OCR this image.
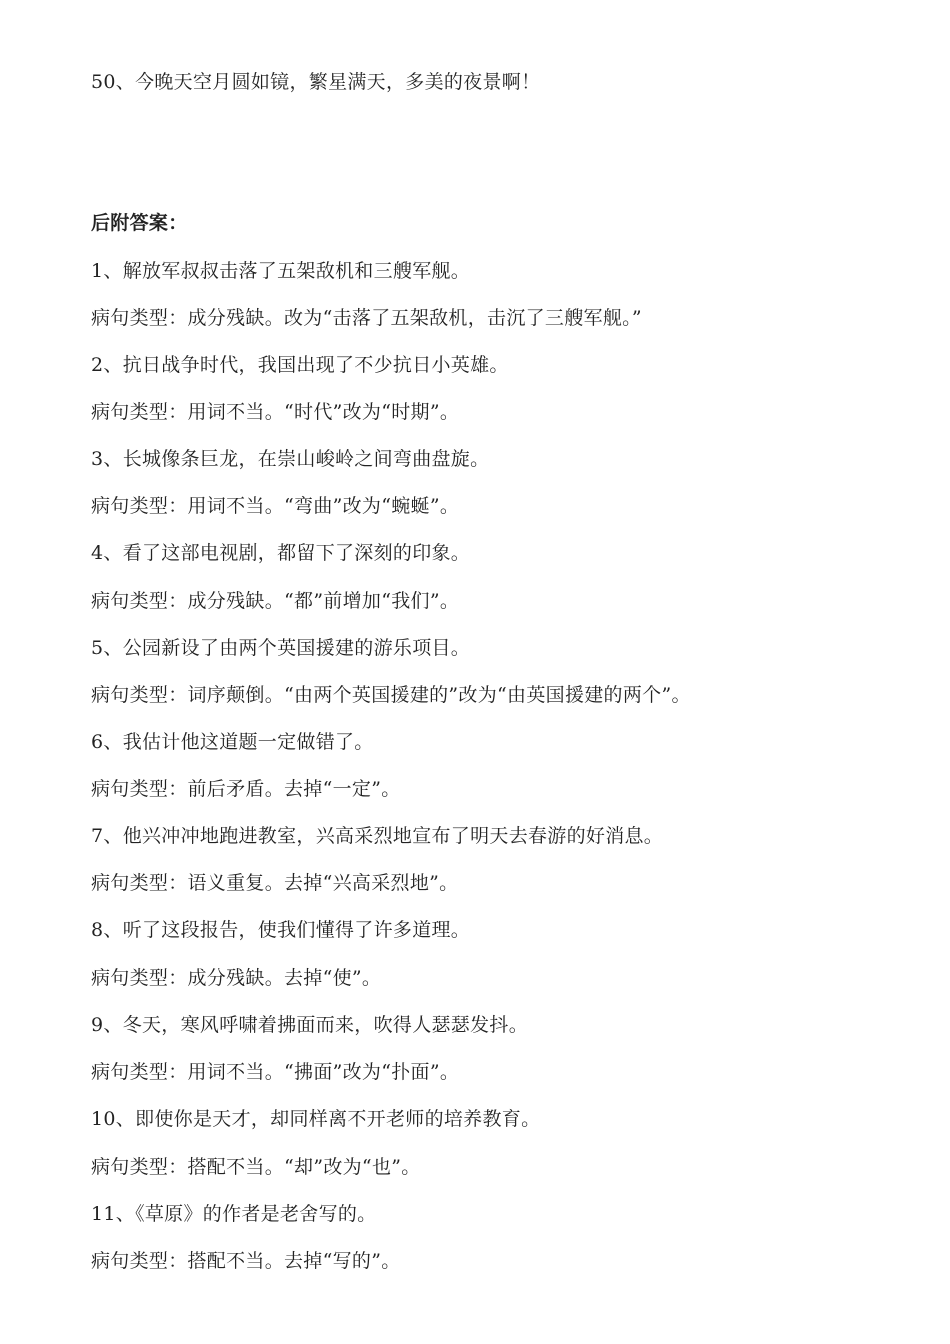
50、今晚天空月圆如镜，繁星满天，多美的夜景啊！
后附答案：
1、解放军叔叔击落了五架敌机和三艘军舰。
病句类型：成分残缺。改为“击落了五架敌机，击沉了三艘军舰。”
2、抗日战争时代，我国出现了不少抗日小英雄。
病句类型：用词不当。“时代”改为“时期”。
3、长城像条巨龙，在崇山峻岭之间弯曲盘旋。
病句类型：用词不当。“弯曲”改为“蜿蜒”。
4、看了这部电视剧，都留下了深刻的印象。
病句类型：成分残缺。“都”前增加“我们”。
5、公园新设了由两个英国援建的游乐项目。
病句类型：词序颠倒。“由两个英国援建的”改为“由英国援建的两个”。
6、我估计他这道题一定做错了。
病句类型：前后矛盾。去掉“一定”。
7、他兴冲冲地跑进教室，兴高采烈地宣布了明天去春游的好消息。
病句类型：语义重复。去掉“兴高采烈地”。
8、听了这段报告，使我们懂得了许多道理。
病句类型：成分残缺。去掉“使”。
9、冬天，寒风呼啸着拂面而来，吹得人瑟瑟发抖。
病句类型：用词不当。“拂面”改为“扑面”。
10、即使你是天才，却同样离不开老师的培养教育。
病句类型：搭配不当。“却”改为“也”。
11、《草原》的作者是老舍写的。
病句类型：搭配不当。去掉“写的”。
